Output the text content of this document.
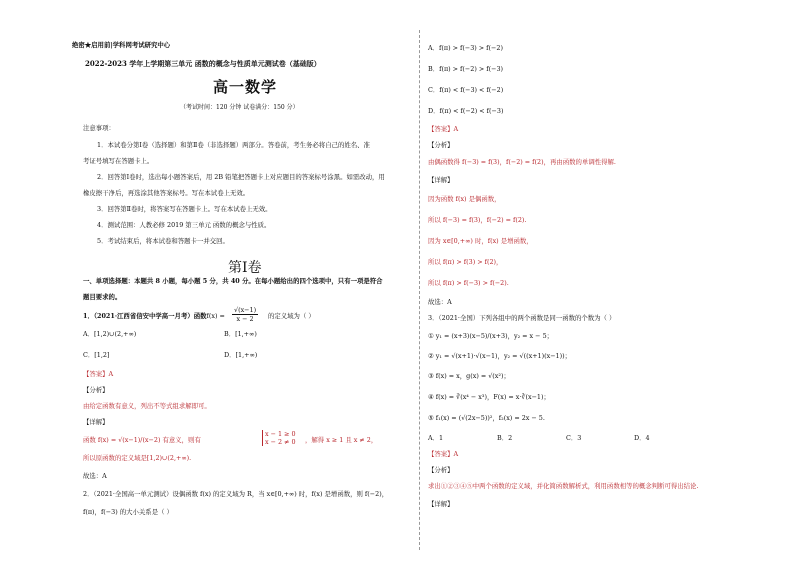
绝密★启用前|学科网考试研究中心
2022-2023 学年上学期第三单元 函数的概念与性质单元测试卷（基础版）
高一数学
（考试时间：120 分钟 试卷满分：150 分）
注意事项：
1．本试卷分第Ⅰ卷（选择题）和第Ⅱ卷（非选择题）两部分。答卷前，考生务必将自己的姓名、准
考证号填写在答题卡上。
2．回答第Ⅰ卷时，选出每小题答案后，用 2B 铅笔把答题卡上对应题目的答案标号涂黑。如需改动，用
橡皮擦干净后，再选涂其他答案标号。写在本试卷上无效。
3．回答第Ⅱ卷时，将答案写在答题卡上。写在本试卷上无效。
4．测试范围：人教必修 2019 第三单元 函数的概念与性质。
5．考试结束后，将本试卷和答题卡一并交回。
第Ⅰ卷
一、单项选择题：本题共 8 小题，每小题 5 分，共 40 分。在每小题给出的四个选项中，只有一项是符合
题目要求的。
1．（2021·江西省信安中学高一月考）函数f(x) =
√(x−1)
x − 2	的定义域为（ ）
A．[1,2)∪(2,+∞)	B．[1,+∞)
C．[1,2]	D．[1,+∞)
【答案】A
【分析】
由给定函数有意义，列出不等式组求解即可。
【详解】
函数 f(x) = √(x−1)/(x−2) 有意义，则有
x − 1 ≥ 0
x − 2 ≠ 0 ，解得 x ≥ 1 且 x ≠ 2，
所以原函数的定义域是[1,2)∪(2,+∞).
故选：A
2．（2021·全国高一单元测试）设偶函数 f(x) 的定义域为 R，当 x∈[0,+∞) 时，f(x) 是增函数，则 f(−2)，
f(π)，f(−3) 的大小关系是（ ）
A．f(π) > f(−3) > f(−2)
B．f(π) > f(−2) > f(−3)
C．f(π) < f(−3) < f(−2)
D．f(π) < f(−2) < f(−3)
【答案】A
【分析】
由偶函数得 f(−3) = f(3)，f(−2) = f(2)，再由函数的单调性得解.
【详解】
因为函数 f(x) 是偶函数，
所以 f(−3) = f(3)，f(−2) = f(2).
因为 x∈[0,+∞) 时，f(x) 是增函数，
所以 f(π) > f(3) > f(2)，
所以 f(π) > f(−3) > f(−2).
故选：A
3．（2021·全国）下列各组中的两个函数是同一函数的个数为（ ）
① y₁ = (x+3)(x−5)/(x+3)，y₂ = x − 5；
② y₁ = √(x+1)·√(x−1)，y₂ = √((x+1)(x−1))；
③ f(x) = x，g(x) = √(x²)；
④ f(x) = ∛(x⁴ − x³)，F(x) = x·∛(x−1)；
⑤ f₁(x) = (√(2x−5))²，f₂(x) = 2x − 5.
A．1	B．2	C．3	D．4
【答案】A
【分析】
求出①②③④⑤中两个函数的定义域，并化简函数解析式，利用函数相等的概念判断可得出结论.
【详解】
